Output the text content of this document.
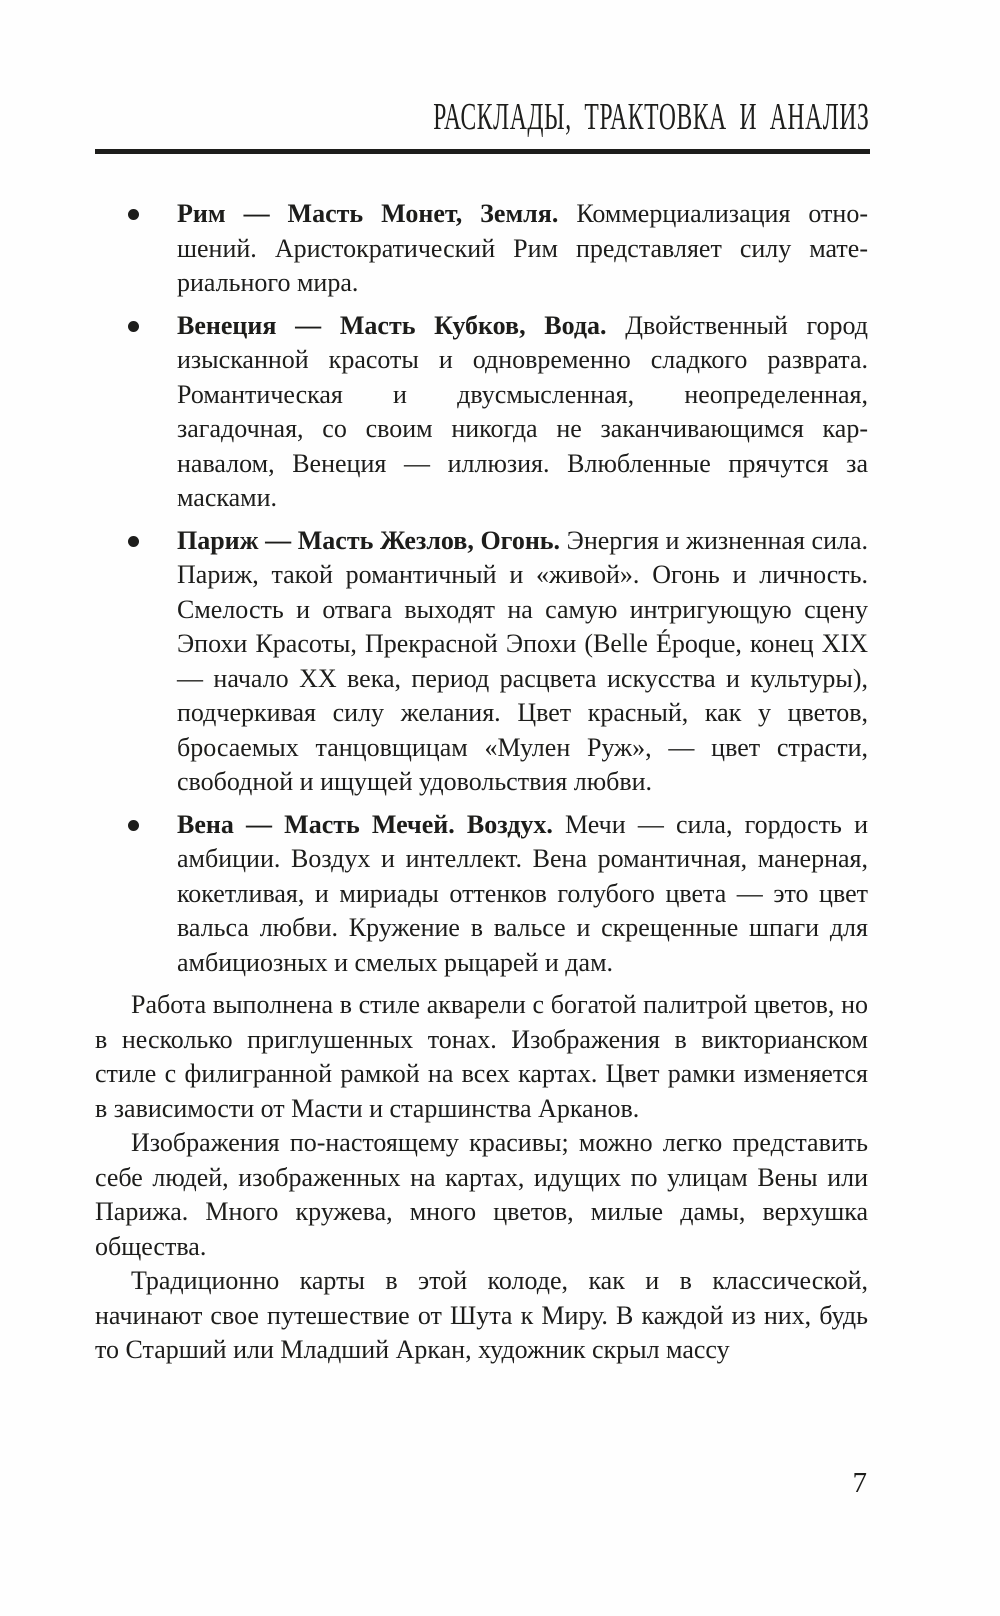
РАСКЛАДЫ, ТРАКТОВКА И АНАЛИЗ
Рим — Масть Монет, Земля. Коммерциализация отношений. Аристократический Рим представляет силу материального мира.
Венеция — Масть Кубков, Вода. Двойственный город изысканной красоты и одновременно сладкого разврата. Романтическая и двусмысленная, неопределенная, загадочная, со своим никогда не заканчивающимся карнавалом, Венеция — иллюзия. Влюбленные прячутся за масками.
Париж — Масть Жезлов, Огонь. Энергия и жизненная сила. Париж, такой романтичный и «живой». Огонь и личность. Смелость и отвага выходят на самую интригующую сцену Эпохи Красоты, Прекрасной Эпохи (Belle Époque, конец XIX — начало XX века, период расцвета искусства и культуры), подчеркивая силу желания. Цвет красный, как у цветов, бросаемых танцовщицам «Мулен Руж», — цвет страсти, свободной и ищущей удовольствия любви.
Вена — Масть Мечей. Воздух. Мечи — сила, гордость и амбиции. Воздух и интеллект. Вена романтичная, манерная, кокетливая, и мириады оттенков голубого цвета — это цвет вальса любви. Кружение в вальсе и скрещенные шпаги для амбициозных и смелых рыцарей и дам.

Работа выполнена в стиле акварели с богатой палитрой цветов, но в несколько приглушенных тонах. Изображения в викторианском стиле с филигранной рамкой на всех картах. Цвет рамки изменяется в зависимости от Масти и старшинства Арканов.

Изображения по-настоящему красивы; можно легко представить себе людей, изображенных на картах, идущих по улицам Вены или Парижа. Много кружева, много цветов, милые дамы, верхушка общества.

Традиционно карты в этой колоде, как и в классической, начинают свое путешествие от Шута к Миру. В каждой из них, будь то Старший или Младший Аркан, художник скрыл массу

7
